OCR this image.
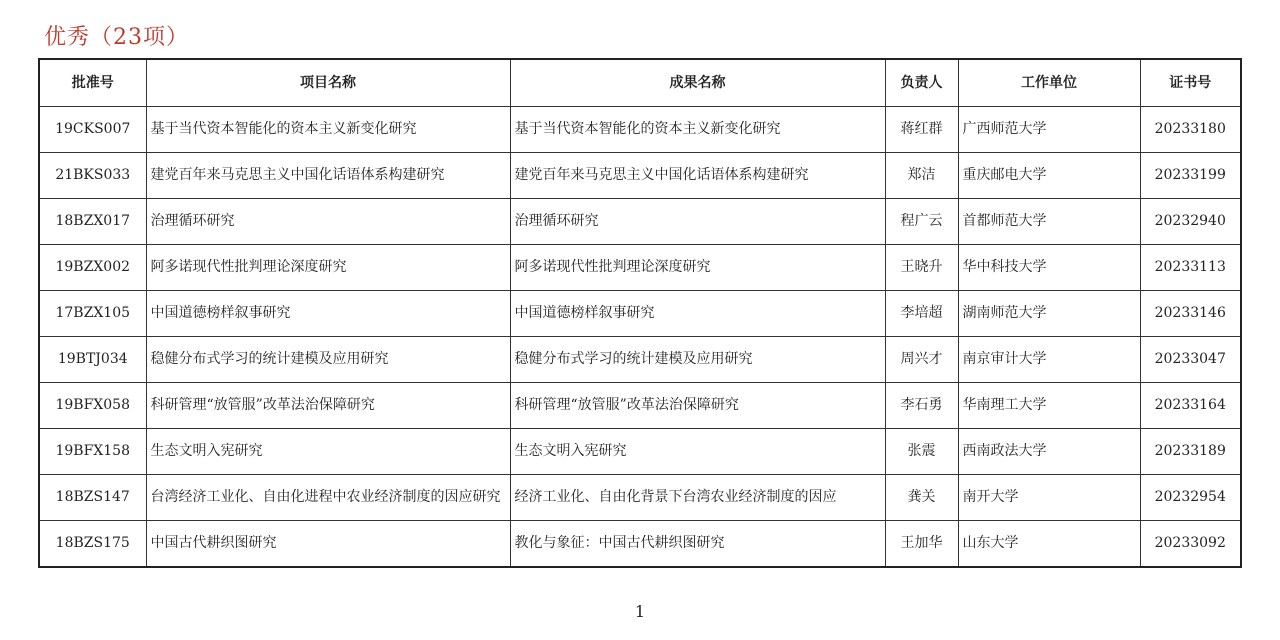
优秀（23项）
批准号	项目名称	成果名称	负责人	工作单位	证书号
19CKS007	基于当代资本智能化的资本主义新变化研究	基于当代资本智能化的资本主义新变化研究	蒋红群	广西师范大学	20233180
21BKS033	建党百年来马克思主义中国化话语体系构建研究	建党百年来马克思主义中国化话语体系构建研究	郑洁	重庆邮电大学	20233199
18BZX017	治理循环研究	治理循环研究	程广云	首都师范大学	20232940
19BZX002	阿多诺现代性批判理论深度研究	阿多诺现代性批判理论深度研究	王晓升	华中科技大学	20233113
17BZX105	中国道德榜样叙事研究	中国道德榜样叙事研究	李培超	湖南师范大学	20233146
19BTJ034	稳健分布式学习的统计建模及应用研究	稳健分布式学习的统计建模及应用研究	周兴才	南京审计大学	20233047
19BFX058	科研管理“放管服”改革法治保障研究	科研管理“放管服”改革法治保障研究	李石勇	华南理工大学	20233164
19BFX158	生态文明入宪研究	生态文明入宪研究	张震	西南政法大学	20233189
18BZS147	台湾经济工业化、自由化进程中农业经济制度的因应研究	经济工业化、自由化背景下台湾农业经济制度的因应	龚关	南开大学	20232954
18BZS175	中国古代耕织图研究	教化与象征：中国古代耕织图研究	王加华	山东大学	20233092
1
